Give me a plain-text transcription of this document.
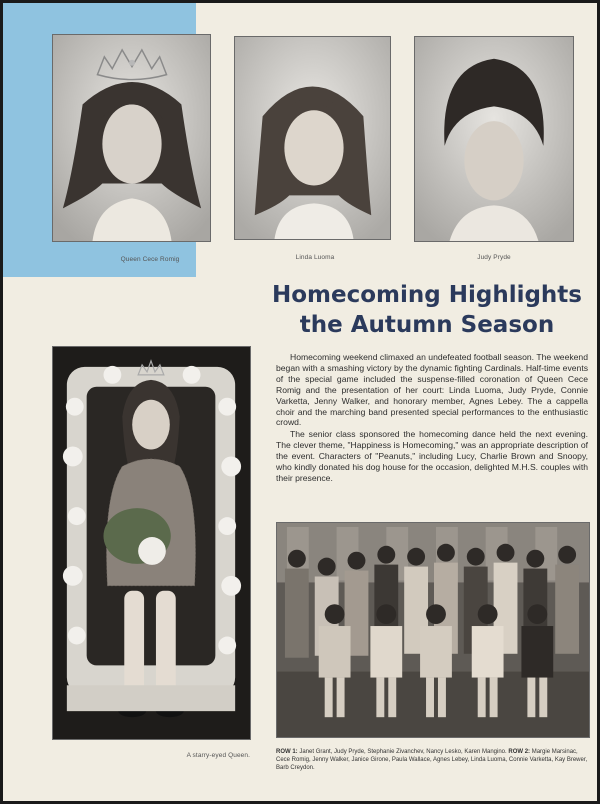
Queen Cece Romig	Linda Luoma	Judy Pryde
Homecoming Highlights
the Autumn Season
A starry-eyed Queen.

Homecoming weekend climaxed an undefeated football season. The weekend began with a smashing victory by the dynamic fighting Cardinals. Half-time events of the special game included the suspense-filled coronation of Queen Cece Romig and the presentation of her court: Linda Luoma, Judy Pryde, Connie Varketta, Jenny Walker, and honorary member, Agnes Lebey. The a cappella choir and the marching band presented special performances to the enthusiastic crowd.

The senior class sponsored the homecoming dance held the next evening. The clever theme, "Happiness is Homecoming," was an appropriate description of the event. Characters of "Peanuts," including Lucy, Charlie Brown and Snoopy, who kindly donated his dog house for the occasion, delighted M.H.S. couples with their presence.

ROW 1: Janet Grant, Judy Pryde, Stephanie Zivanchev, Nancy Lesko, Karen Mangino. ROW 2: Margie Marsinac, Cece Romig, Jenny Walker, Janice Girone, Paula Wallace, Agnes Lebey, Linda Luoma, Connie Varketta, Kay Brewer, Barb Creydon.
